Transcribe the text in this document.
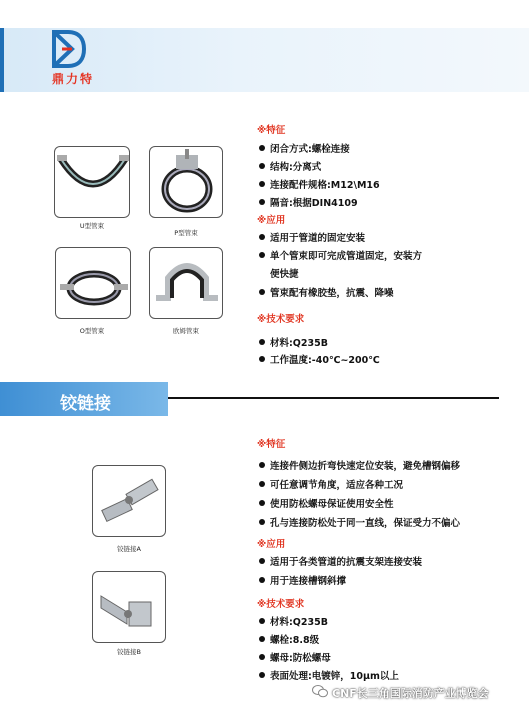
鼎力特
U型管束
P型管束
O型管束	欧姆管束
※特征
闭合方式:螺栓连接
结构:分离式
连接配件规格:M12\M16
隔音:根据DIN4109
※应用
适用于管道的固定安装
单个管束即可完成管道固定，安装方
便快捷
管束配有橡胶垫，抗震、降噪
※技术要求
材料:Q235B
工作温度:-40℃~200℃
铰链接
铰链接A
铰链接B
※特征
连接件侧边折弯快速定位安装，避免槽钢偏移
可任意调节角度，适应各种工况
使用防松螺母保证使用安全性
孔与连接防松处于同一直线，保证受力不偏心
※应用
适用于各类管道的抗震支架连接安装
用于连接槽钢斜撑
※技术要求
材料:Q235B
螺栓:8.8级
螺母:防松螺母
表面处理:电镀锌，10μm以上
CNF长三角国际消防产业博览会
